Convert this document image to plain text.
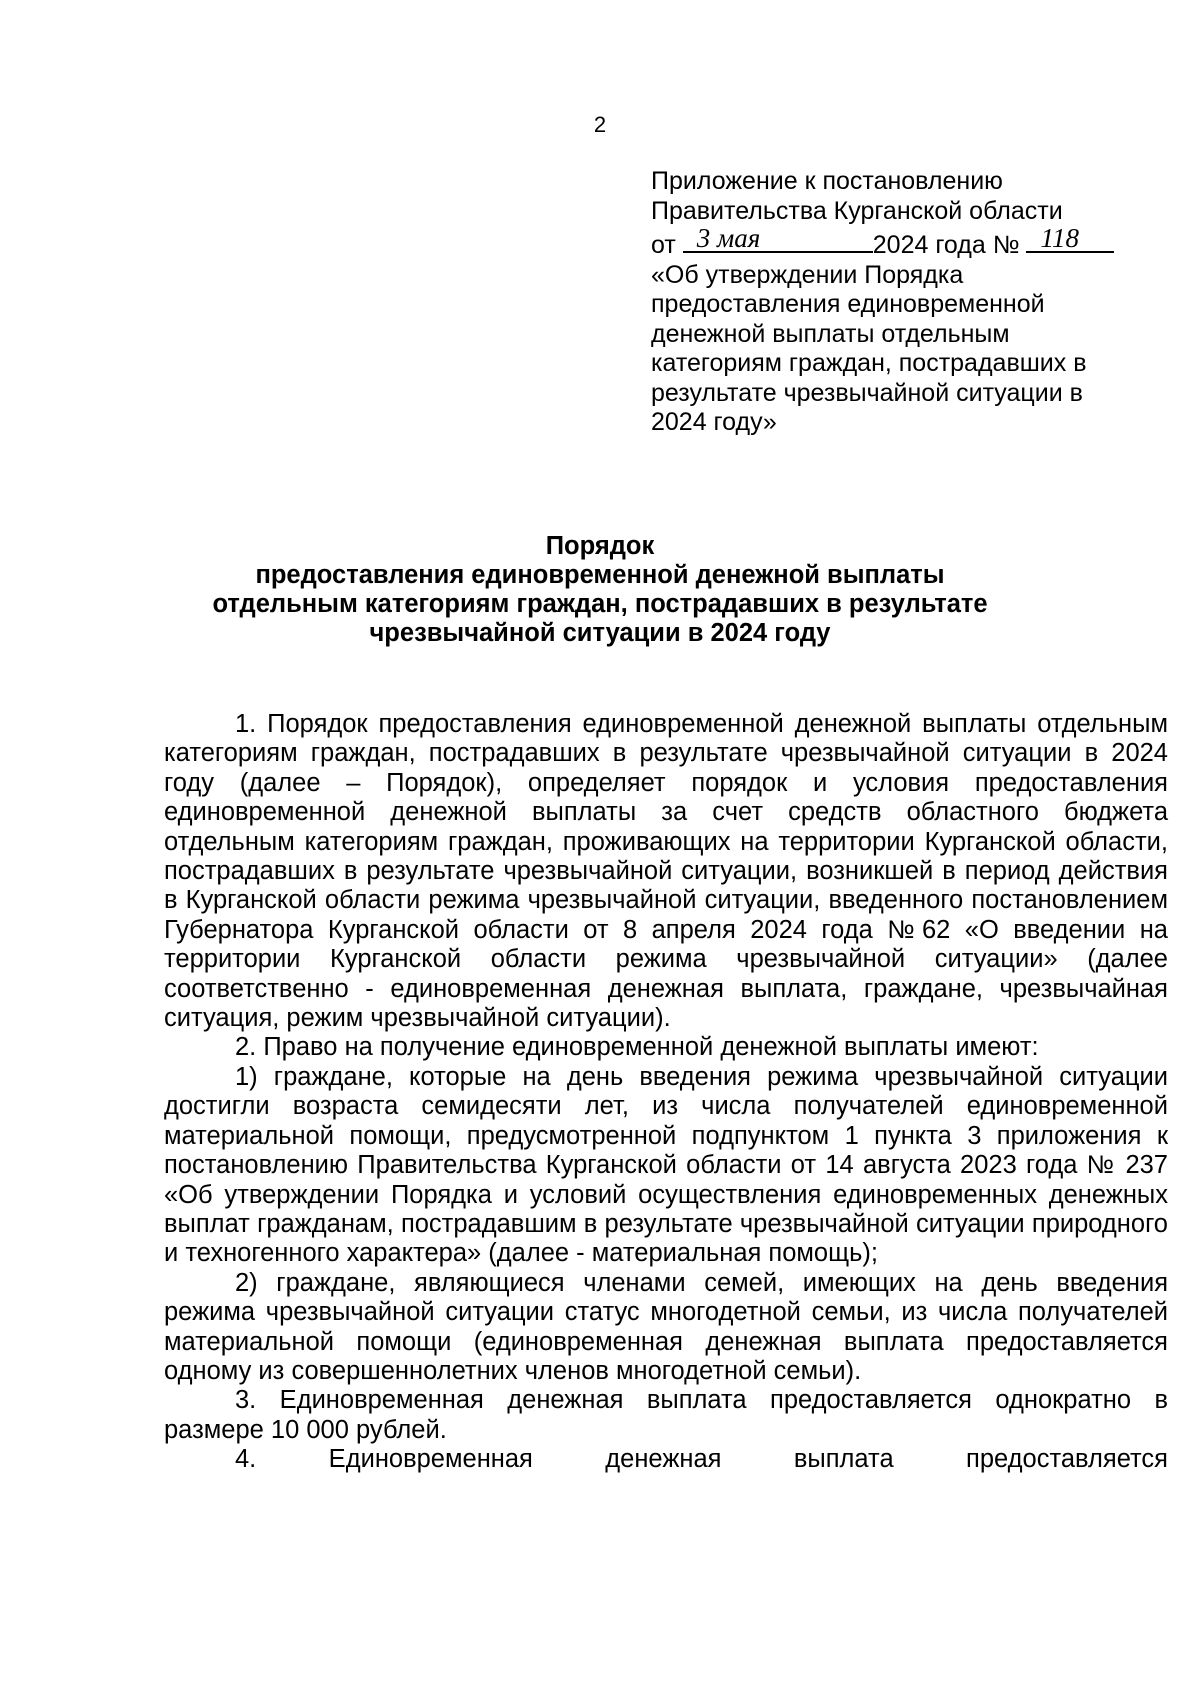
2
Приложение к постановлению
Правительства Курганской области
от 3 мая	2024 года № 118
«Об утверждении Порядка
предоставления единовременной
денежной выплаты отдельным
категориям граждан, пострадавших в
результате чрезвычайной ситуации в
2024 году»
Порядок
предоставления единовременной денежной выплаты
отдельным категориям граждан, пострадавших в результате
чрезвычайной ситуации в 2024 году

1. Порядок предоставления единовременной денежной выплаты отдельным категориям граждан, пострадавших в результате чрезвычайной ситуации в 2024 году (далее – Порядок), определяет порядок и условия предоставления единовременной денежной выплаты за счет средств областного бюджета отдельным категориям граждан, проживающих на территории Курганской области, пострадавших в результате чрезвычайной ситуации, возникшей в период действия в Курганской области режима чрезвычайной ситуации, введенного постановлением Губернатора Курганской области от 8 апреля 2024 года №62 «О введении на территории Курганской области режима чрезвычайной ситуации» (далее соответственно - единовременная денежная выплата, граждане, чрезвычайная ситуация, режим чрезвычайной ситуации).

2. Право на получение единовременной денежной выплаты имеют:

1) граждане, которые на день введения режима чрезвычайной ситуации достигли возраста семидесяти лет, из числа получателей единовременной материальной помощи, предусмотренной подпунктом 1 пункта 3 приложения к постановлению Правительства Курганской области от 14 августа 2023 года № 237 «Об утверждении Порядка и условий осуществления единовременных денежных выплат гражданам, пострадавшим в результате чрезвычайной ситуации природного и техногенного характера» (далее - материальная помощь);

2) граждане, являющиеся членами семей, имеющих на день введения режима чрезвычайной ситуации статус многодетной семьи, из числа получателей материальной помощи (единовременная денежная выплата предоставляется одному из совершеннолетних членов многодетной семьи).

3. Единовременная денежная выплата предоставляется однократно в размере 10 000 рублей.

4. Единовременная денежная выплата предоставляется
